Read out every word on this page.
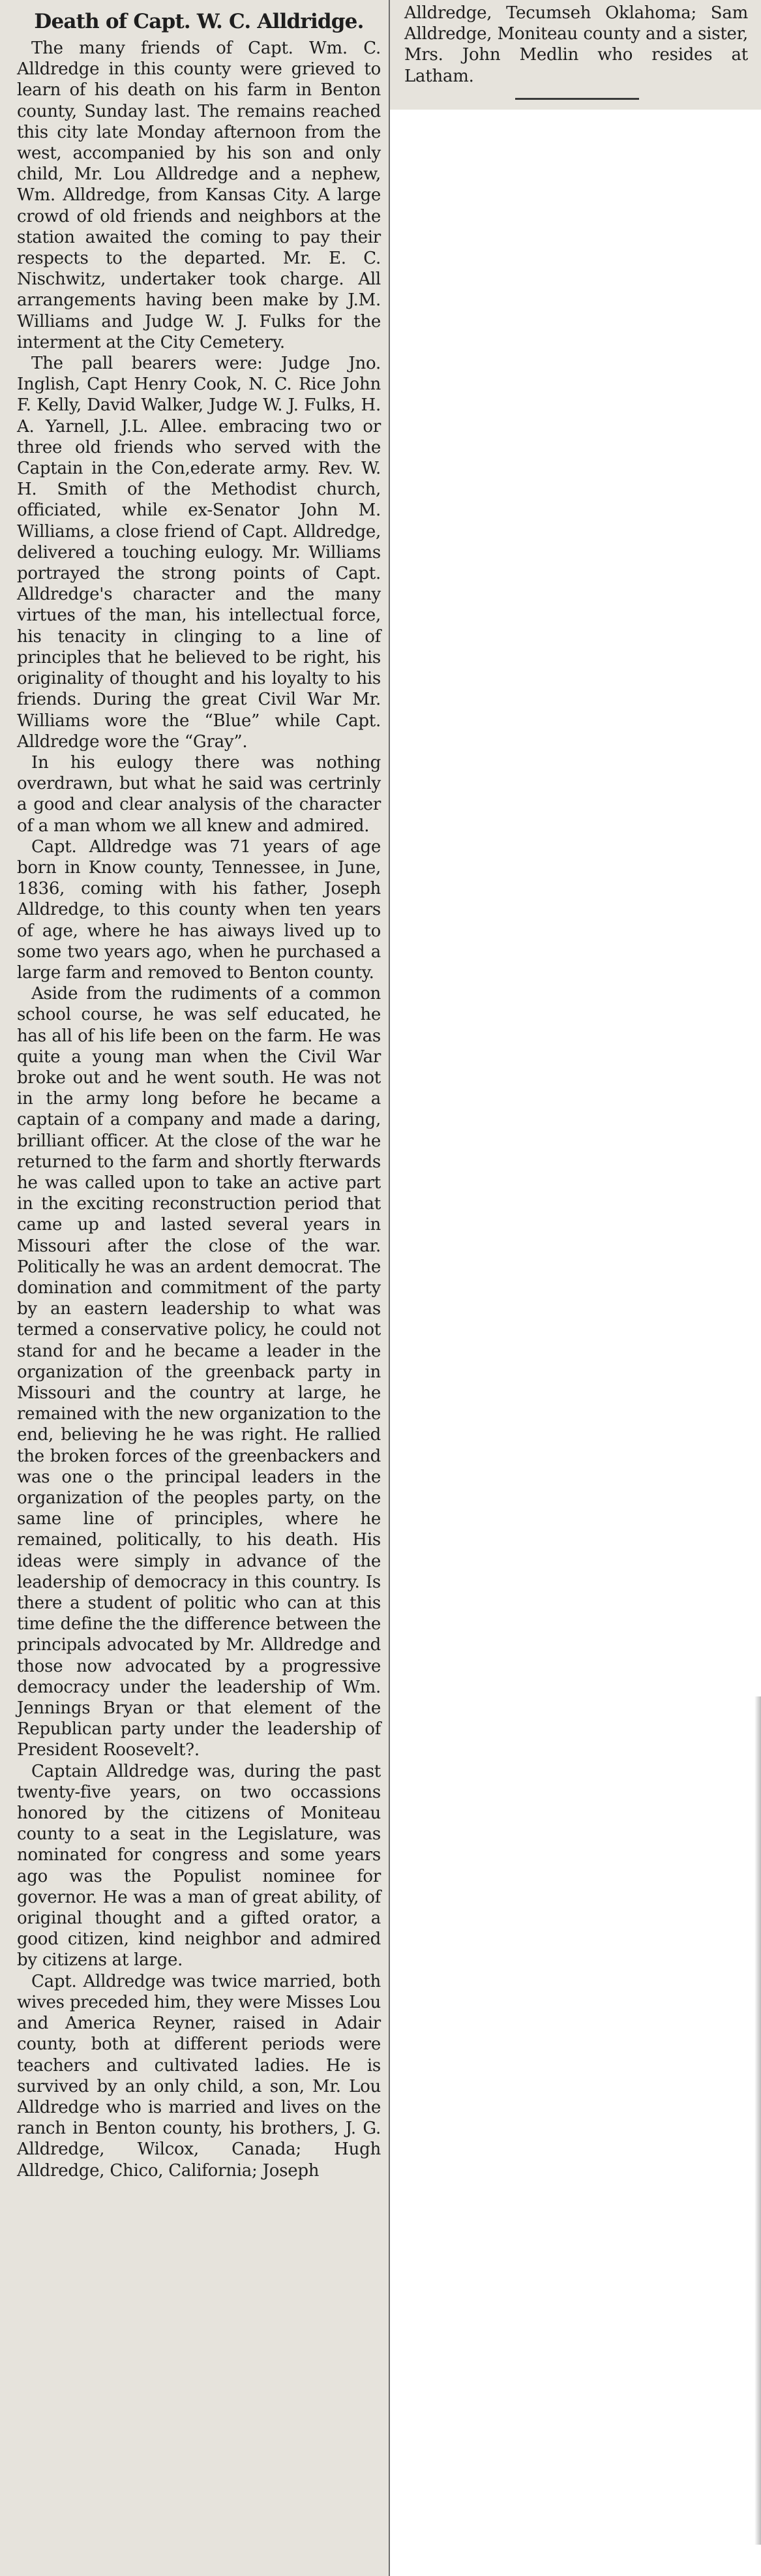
Death of Capt. W. C. Alldridge.

The many friends of Capt. Wm. C. Alldredge in this county were grieved to learn of his death on his farm in Benton county, Sunday last. The remains reached this city late Monday afternoon from the west, accompanied by his son and only child, Mr. Lou Alldredge and a nephew, Wm. Alldredge, from Kansas City. A large crowd of old friends and neighbors at the station awaited the coming to pay their respects to the departed. Mr. E. C. Nischwitz, undertaker took charge. All arrangements having been make by J.M. Williams and Judge W. J. Fulks for the interment at the City Cemetery.

The pall bearers were: Judge Jno. Inglish, Capt Henry Cook, N. C. Rice John F. Kelly, David Walker, Judge W. J. Fulks, H. A. Yarnell, J.L. Allee. embracing two or three old friends who served with the Captain in the Con,ederate army. Rev. W. H. Smith of the Methodist church, officiated, while ex-Senator John M. Williams, a close friend of Capt. Alldredge, delivered a touching eulogy. Mr. Williams portrayed the strong points of Capt. Alldredge's character and the many virtues of the man, his intellectual force, his tenacity in clinging to a line of principles that he believed to be right, his originality of thought and his loyalty to his friends. During the great Civil War Mr. Williams wore the “Blue” while Capt. Alldredge wore the “Gray”.

In his eulogy there was nothing overdrawn, but what he said was certrinly a good and clear analysis of the character of a man whom we all knew and admired.

Capt. Alldredge was 71 years of age born in Know county, Tennessee, in June, 1836, coming with his father, Joseph Alldredge, to this county when ten years of age, where he has aiways lived up to some two years ago, when he purchased a large farm and removed to Benton county.

Aside from the rudiments of a common school course, he was self educated, he has all of his life been on the farm. He was quite a young man when the Civil War broke out and he went south. He was not in the army long before he became a captain of a company and made a daring, brilliant officer. At the close of the war he returned to the farm and shortly fterwards he was called upon to take an active part in the exciting reconstruction period that came up and lasted several years in Missouri after the close of the war. Politically he was an ardent democrat. The domination and commitment of the party by an eastern leadership to what was termed a conservative policy, he could not stand for and he became a leader in the organization of the greenback party in Missouri and the country at large, he remained with the new organization to the end, believing he he was right. He rallied the broken forces of the greenbackers and was one o the principal leaders in the organization of the peoples party, on the same line of principles, where he remained, politically, to his death. His ideas were simply in advance of the leadership of democracy in this country. Is there a student of politic who can at this time define the the difference between the principals advocated by Mr. Alldredge and those now advocated by a progressive democracy under the leadership of Wm. Jennings Bryan or that element of the Republican party under the leadership of President Roosevelt?.

Captain Alldredge was, during the past twenty-five years, on two occassions honored by the citizens of Moniteau county to a seat in the Legislature, was nominated for congress and some years ago was the Populist nominee for governor. He was a man of great ability, of original thought and a gifted orator, a good citizen, kind neighbor and admired by citizens at large.

Capt. Alldredge was twice married, both wives preceded him, they were Misses Lou and America Reyner, raised in Adair county, both at different periods were teachers and cultivated ladies. He is survived by an only child, a son, Mr. Lou Alldredge who is married and lives on the ranch in Benton county, his brothers, J. G. Alldredge, Wilcox, Canada; Hugh Alldredge, Chico, California; Joseph

Alldredge, Tecumseh Oklahoma; Sam Alldredge, Moniteau county and a sister, Mrs. John Medlin who resides at Latham.
